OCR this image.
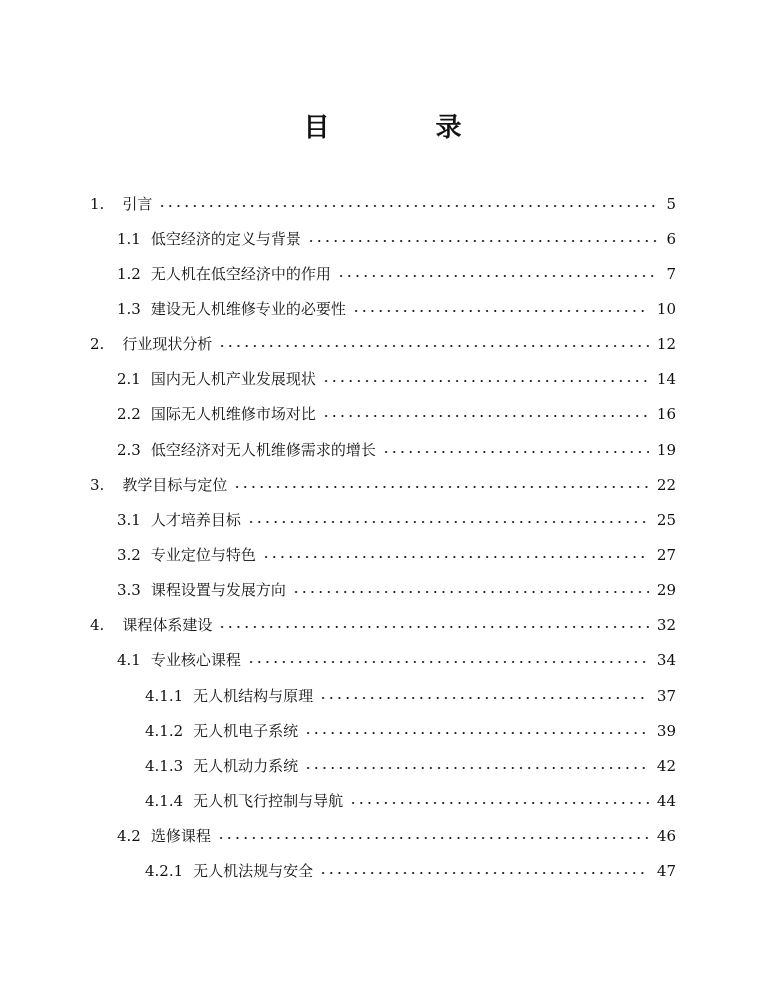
目　录
1. 引言	5
1.1 低空经济的定义与背景	6
1.2 无人机在低空经济中的作用	7
1.3 建设无人机维修专业的必要性	10
2. 行业现状分析	12
2.1 国内无人机产业发展现状	14
2.2 国际无人机维修市场对比	16
2.3 低空经济对无人机维修需求的增长	19
3. 教学目标与定位	22
3.1 人才培养目标	25
3.2 专业定位与特色	27
3.3 课程设置与发展方向	29
4. 课程体系建设	32
4.1 专业核心课程	34
4.1.1 无人机结构与原理	37
4.1.2 无人机电子系统	39
4.1.3 无人机动力系统	42
4.1.4 无人机飞行控制与导航	44
4.2 选修课程	46
4.2.1 无人机法规与安全	47
